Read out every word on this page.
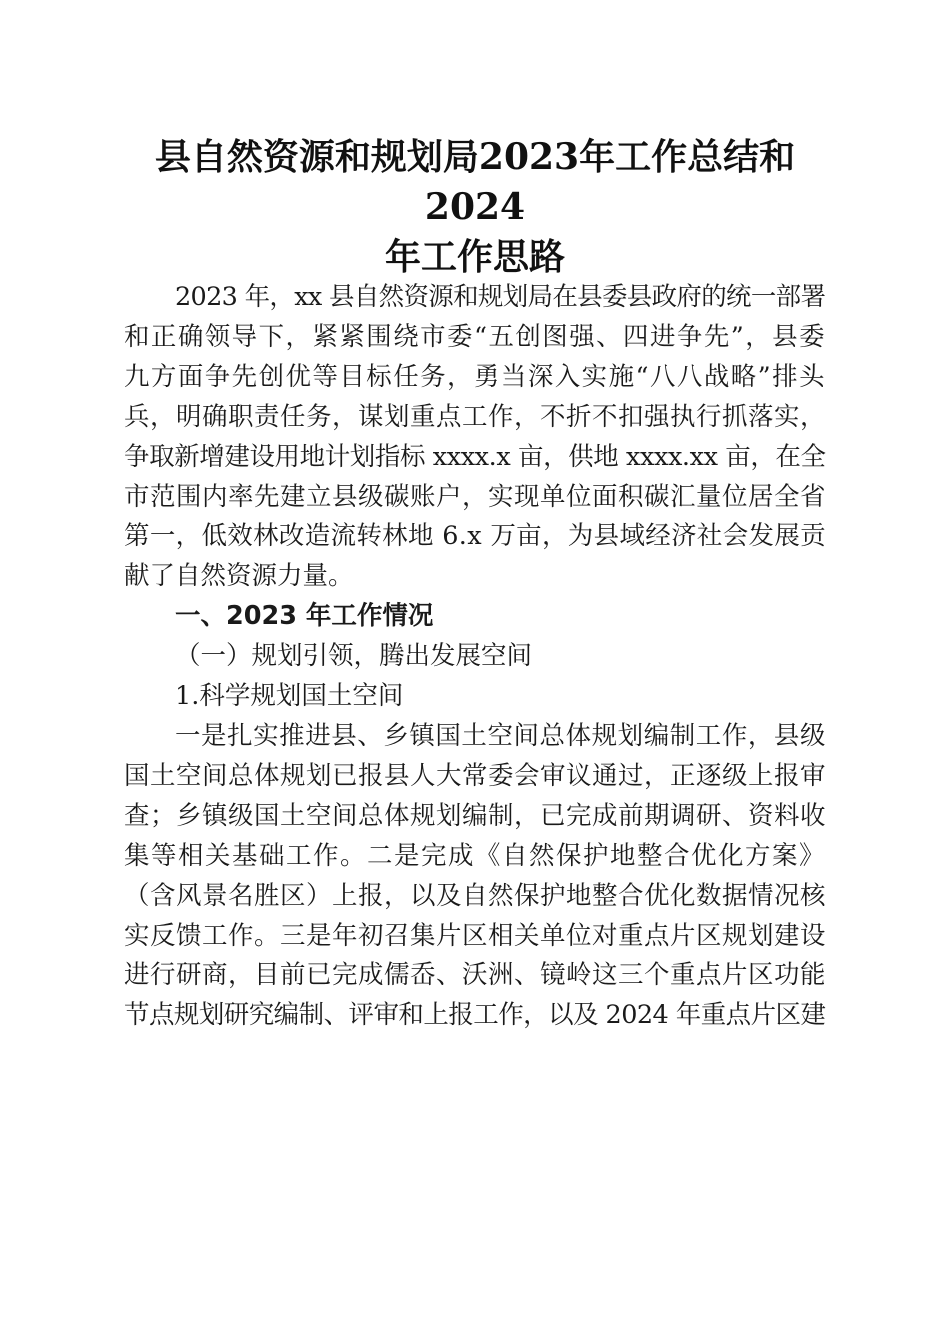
县自然资源和规划局2023年工作总结和2024
年工作思路
2023 年，xx 县自然资源和规划局在县委县政府的统一部署
和正确领导下，紧紧围绕市委“五创图强、四进争先”，县委
九方面争先创优等目标任务，勇当深入实施“八八战略”排头
兵，明确职责任务，谋划重点工作，不折不扣强执行抓落实，
争取新增建设用地计划指标 xxxx.x 亩，供地 xxxx.xx 亩，在全
市范围内率先建立县级碳账户，实现单位面积碳汇量位居全省
第一，低效林改造流转林地 6.x 万亩，为县域经济社会发展贡
献了自然资源力量。
一、2023 年工作情况
（一）规划引领，腾出发展空间
1.科学规划国土空间
一是扎实推进县、乡镇国土空间总体规划编制工作，县级
国土空间总体规划已报县人大常委会审议通过，正逐级上报审
查；乡镇级国土空间总体规划编制，已完成前期调研、资料收
集等相关基础工作。二是完成《自然保护地整合优化方案》
（含风景名胜区）上报，以及自然保护地整合优化数据情况核
实反馈工作。三是年初召集片区相关单位对重点片区规划建设
进行研商，目前已完成儒岙、沃洲、镜岭这三个重点片区功能
节点规划研究编制、评审和上报工作，以及 2024 年重点片区建
